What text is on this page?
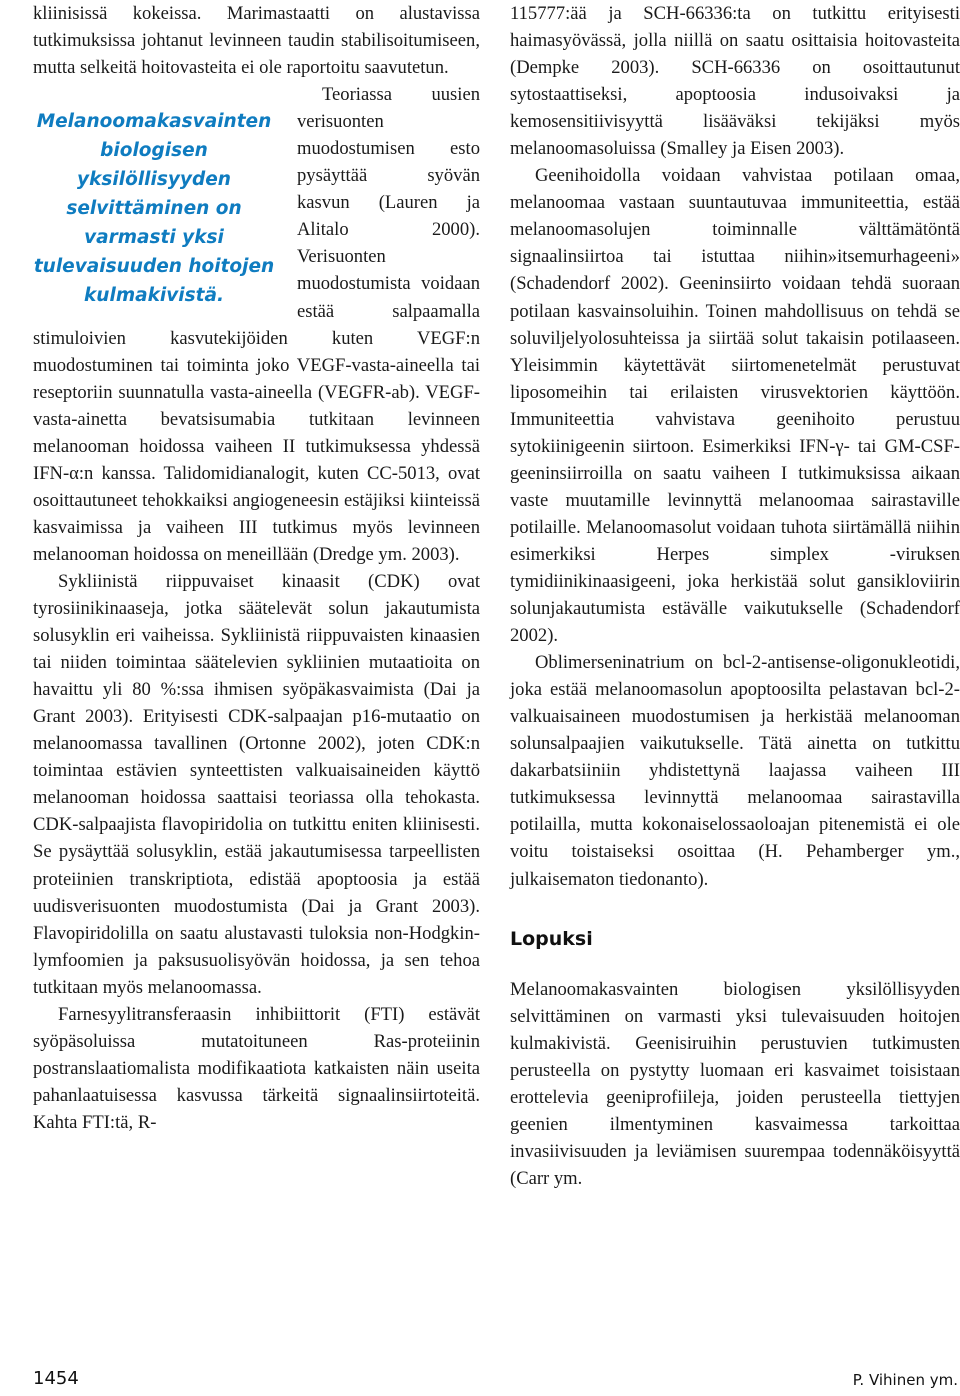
kliinisissä kokeissa. Marimastaatti on alustavissa tutkimuksissa johtanut levinneen taudin stabilisoitumiseen, mutta selkeitä hoitovasteita ei ole raportoitu saavutetun.

Melanoomakasvainten biologisen yksilöllisyyden selvittäminen on varmasti yksi tulevaisuuden hoitojen kulmakivistä.
Teoriassa uusien verisuonten muodostumisen esto pysäyttää syövän kasvun (Lauren ja Alitalo 2000). Verisuonten muodostumista voidaan estää salpaamalla stimuloivien kasvutekijöiden kuten VEGF:n muodostuminen tai toiminta joko VEGF-vasta-aineella tai reseptoriin suunnatulla vasta-aineella (VEGFR-ab). VEGF-vasta-ainetta bevatsisumabia tutkitaan levinneen melanooman hoidossa vaiheen II tutkimuksessa yhdessä IFN-α:n kanssa. Talidomidianalogit, kuten CC-5013, ovat osoittautuneet tehokkaiksi angiogeneesin estäjiksi kiinteissä kasvaimissa ja vaiheen III tutkimus myös levinneen melanooman hoidossa on meneillään (Dredge ym. 2003).

Sykliinistä riippuvaiset kinaasit (CDK) ovat tyrosiinikinaaseja, jotka säätelevät solun jakautumista solusyklin eri vaiheissa. Sykliinistä riippuvaisten kinaasien tai niiden toimintaa säätelevien sykliinien mutaatioita on havaittu yli 80 %:ssa ihmisen syöpäkasvaimista (Dai ja Grant 2003). Erityisesti CDK-salpaajan p16-mutaatio on melanoomassa tavallinen (Ortonne 2002), joten CDK:n toimintaa estävien synteettisten valkuaisaineiden käyttö melanooman hoidossa saattaisi teoriassa olla tehokasta. CDK-salpaajista flavopiridolia on tutkittu eniten kliinisesti. Se pysäyttää solusyklin, estää jakautumisessa tarpeellisten proteiinien transkriptiota, edistää apoptoosia ja estää uudisverisuonten muodostumista (Dai ja Grant 2003). Flavopiridolilla on saatu alustavasti tuloksia non-Hodgkin-lymfoomien ja paksusuolisyövän hoidossa, ja sen tehoa tutkitaan myös melanoomassa.

Farnesyylitransferaasin inhibiittorit (FTI) estävät syöpäsoluissa mutatoituneen Ras-proteiinin postranslaatiomalista modifikaatiota katkaisten näin useita pahanlaatuisessa kasvussa tärkeitä signaalinsiirtoteitä. Kahta FTI:tä, R-

115777:ää ja SCH-66336:ta on tutkittu erityisesti haimasyövässä, jolla niillä on saatu osittaisia hoitovasteita (Dempke 2003). SCH-66336 on osoittautunut sytostaattiseksi, apoptoosia indusoivaksi ja kemosensitiivisyyttä lisääväksi tekijäksi myös melanoomasoluissa (Smalley ja Eisen 2003).

Geenihoidolla voidaan vahvistaa potilaan omaa, melanoomaa vastaan suuntautuvaa immuniteettia, estää melanoomasolujen toiminnalle välttämätöntä signaalinsiirtoa tai istuttaa niihin»itsemurhageeni» (Schadendorf 2002). Geeninsiirto voidaan tehdä suoraan potilaan kasvainsoluihin. Toinen mahdollisuus on tehdä se soluviljelyolosuhteissa ja siirtää solut takaisin potilaaseen. Yleisimmin käytettävät siirtomenetelmät perustuvat liposomeihin tai erilaisten virusvektorien käyttöön. Immuniteettia vahvistava geenihoito perustuu sytokiinigeenin siirtoon. Esimerkiksi IFN-γ- tai GM-CSF-geeninsiirroilla on saatu vaiheen I tutkimuksissa aikaan vaste muutamille levinnyttä melanoomaa sairastaville potilaille. Melanoomasolut voidaan tuhota siirtämällä niihin esimerkiksi Herpes simplex -viruksen tymidiinikinaasigeeni, joka herkistää solut gansikloviirin solunjakautumista estävälle vaikutukselle (Schadendorf 2002).

Oblimerseninatrium on bcl-2-antisense-oligonukleotidi, joka estää melanoomasolun apoptoosilta pelastavan bcl-2-valkuaisaineen muodostumisen ja herkistää melanooman solunsalpaajien vaikutukselle. Tätä ainetta on tutkittu dakarbatsiiniin yhdistettynä laajassa vaiheen III tutkimuksessa levinnyttä melanoomaa sairastavilla potilailla, mutta kokonaiselossaoloajan pitenemistä ei ole voitu toistaiseksi osoittaa (H. Pehamberger ym., julkaisematon tiedonanto).

Lopuksi

Melanoomakasvainten biologisen yksilöllisyyden selvittäminen on varmasti yksi tulevaisuuden hoitojen kulmakivistä. Geenisiruihin perustuvien tutkimusten perusteella on pystytty luomaan eri kasvaimet toisistaan erottelevia geeniprofiileja, joiden perusteella tiettyjen geenien ilmentyminen kasvaimessa tarkoittaa invasiivisuuden ja leviämisen suurempaa todennäköisyyttä (Carr ym.

1454	P. Vihinen ym.
